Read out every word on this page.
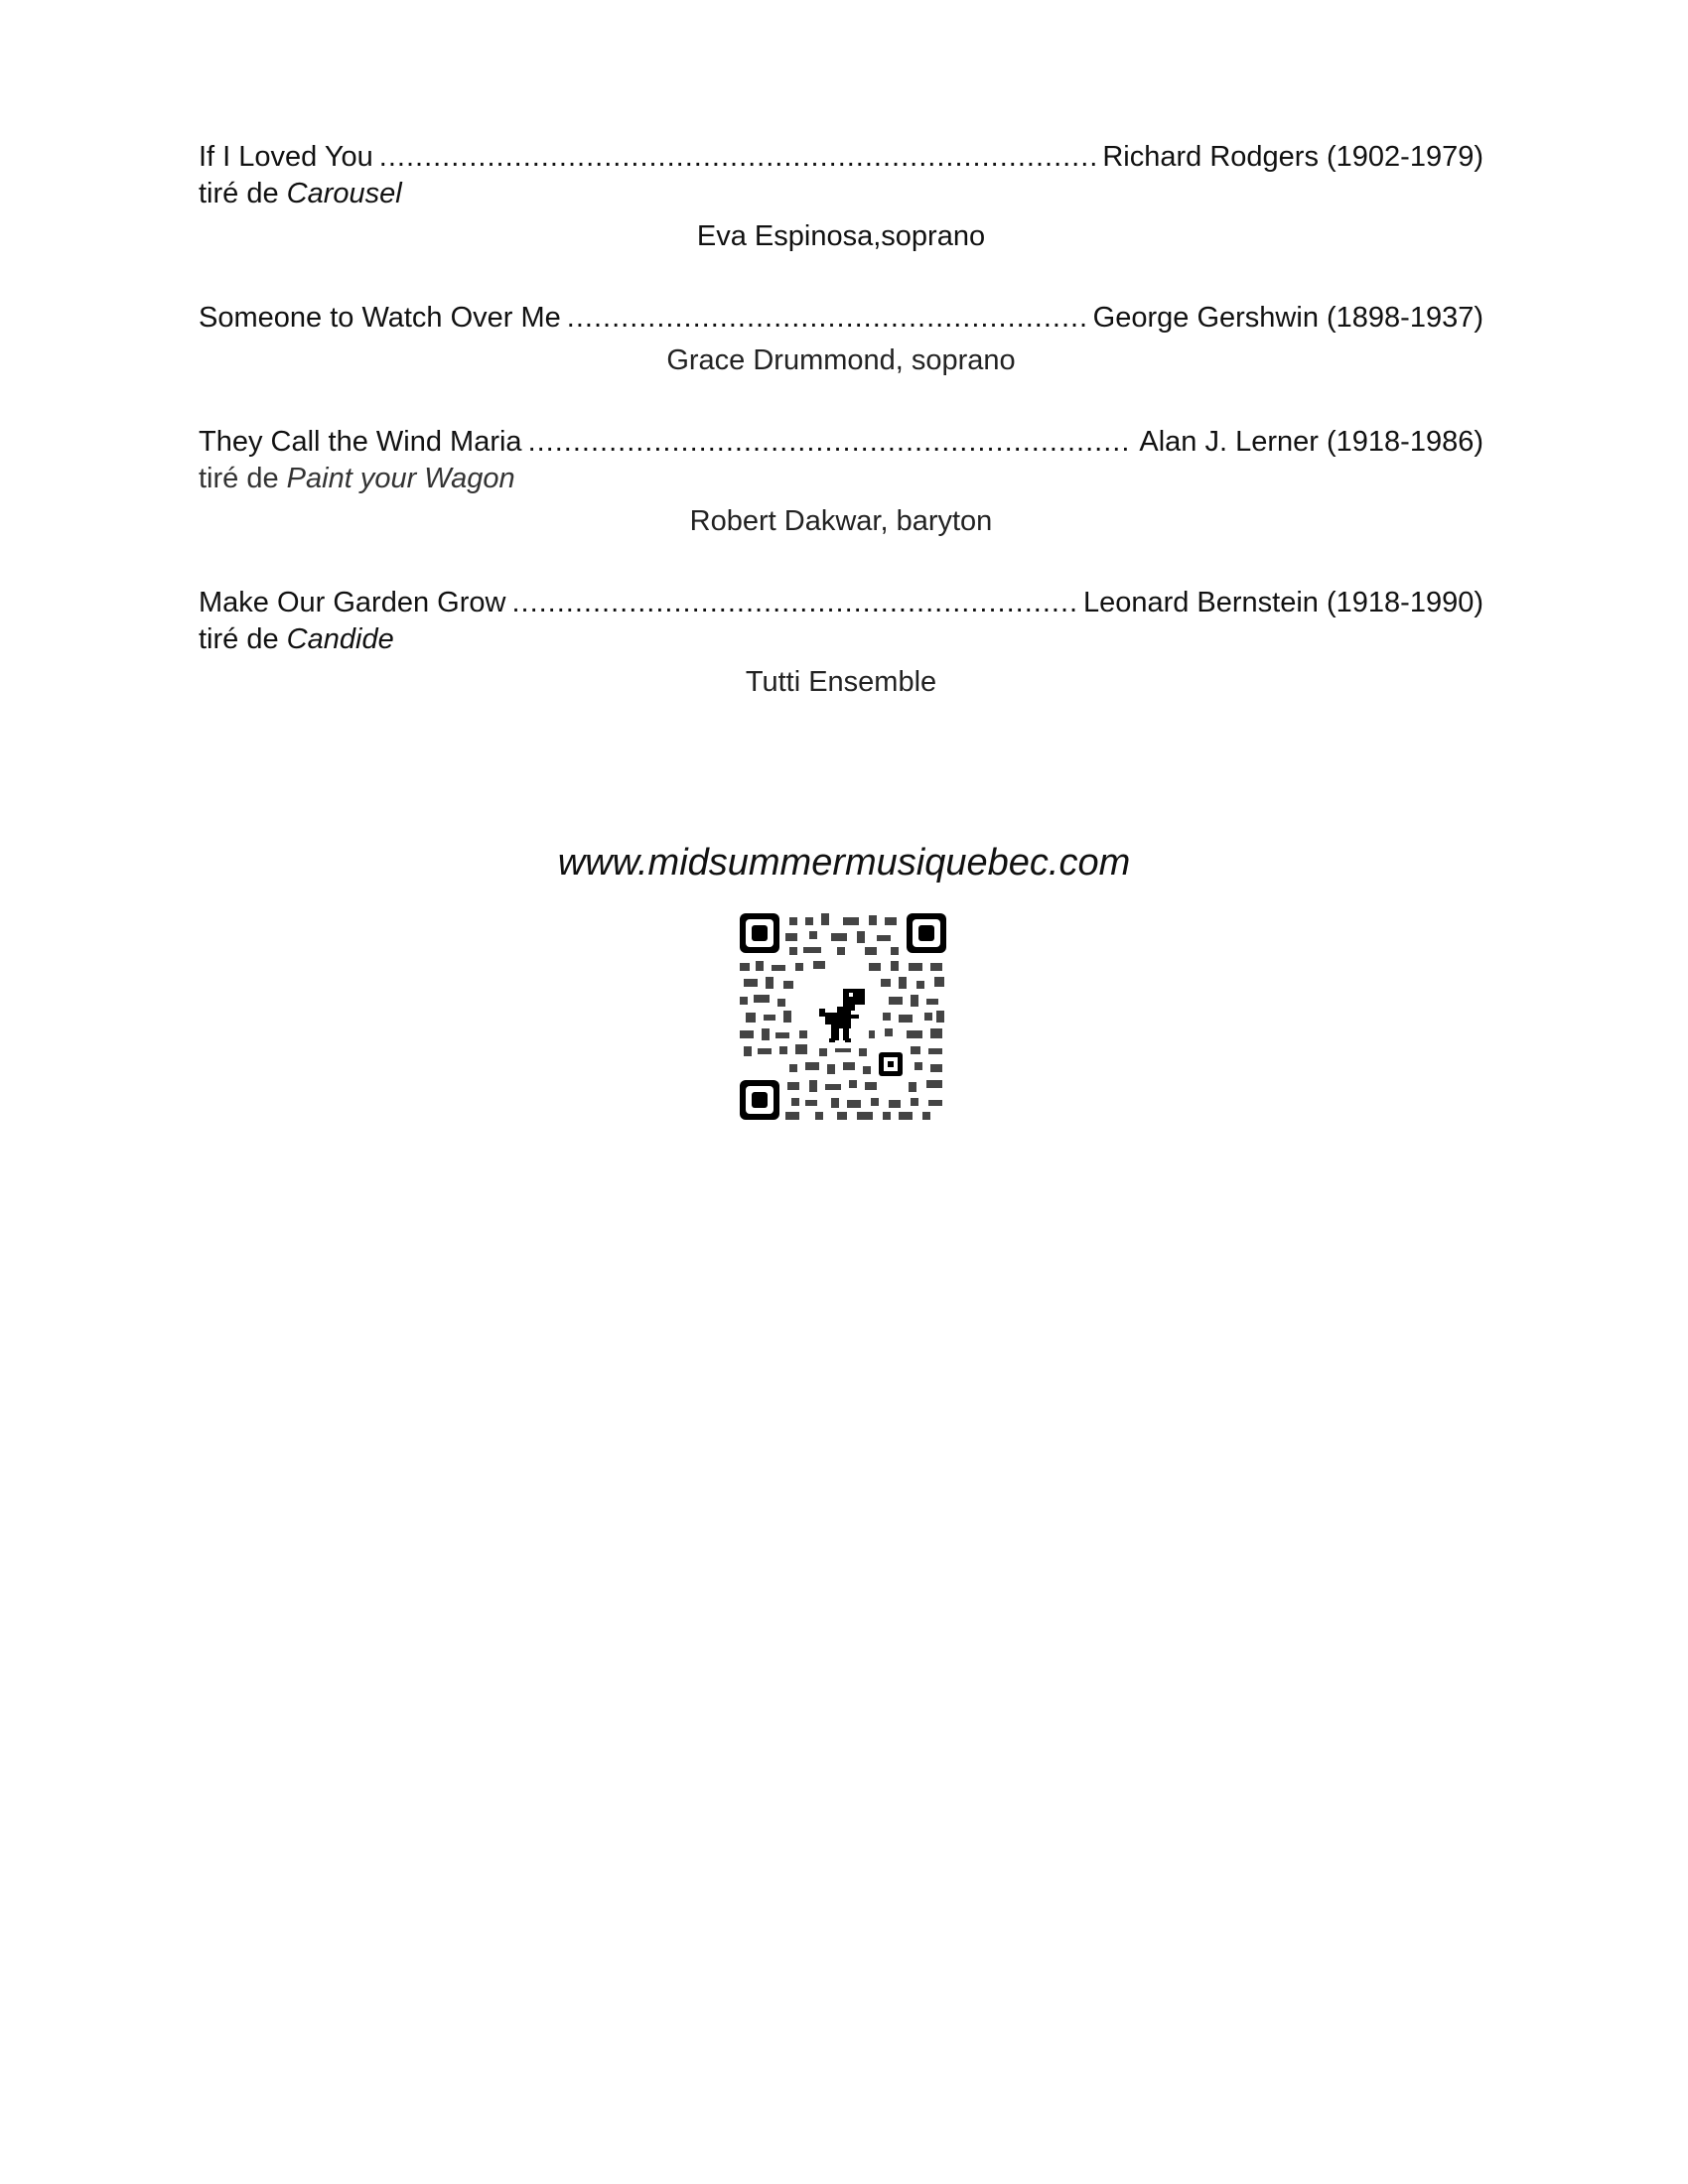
If I Loved You .....	Richard Rodgers (1902-1979)
tiré de Carousel
Eva Espinosa,soprano
Someone to Watch Over Me .....	George Gershwin (1898-1937)
Grace Drummond, soprano
They Call the Wind Maria .....	Alan J. Lerner (1918-1986)
tiré de Paint your Wagon
Robert Dakwar, baryton
Make Our Garden Grow .....	Leonard Bernstein (1918-1990)
tiré de Candide
Tutti Ensemble
www.midsummermusiquebec.com
